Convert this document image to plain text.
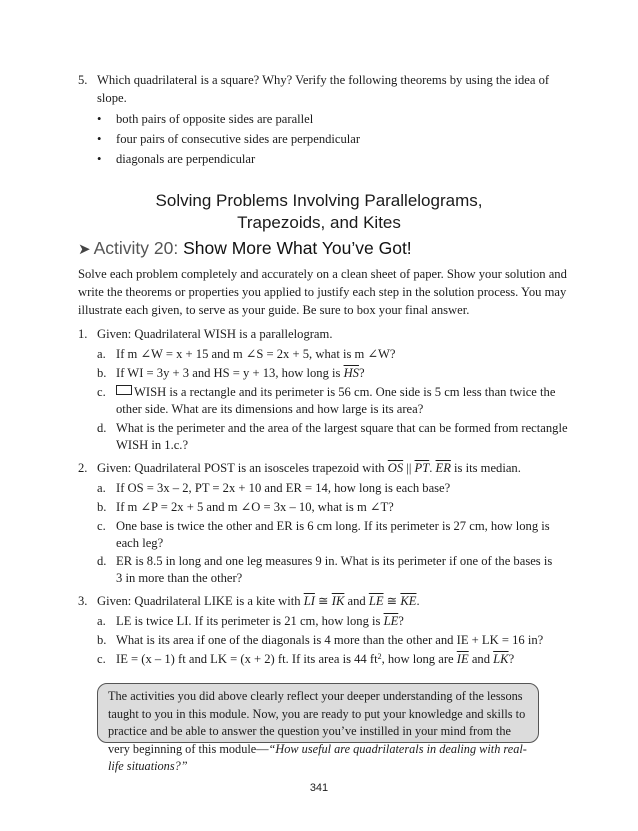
5. Which quadrilateral is a square? Why? Verify the following theorems by using the idea of
slope.
• both pairs of opposite sides are parallel
• four pairs of consecutive sides are perpendicular
• diagonals are perpendicular
Solving Problems Involving Parallelograms,
Trapezoids, and Kites
➤ Activity 20: Show More What You’ve Got!
Solve each problem completely and accurately on a clean sheet of paper. Show your solution and write the theorems or properties you applied to justify each step in the solution process. You may illustrate each given, to serve as your guide. Be sure to box your final answer.
1. Given: Quadrilateral WISH is a parallelogram.
a. If m ∠W = x + 15 and m ∠S = 2x + 5, what is m ∠W?
b. If WI = 3y + 3 and HS = y + 13, how long is $\overline{HS}$?
c.	WISH is a rectangle and its perimeter is 56 cm. One side is 5 cm less than twice the
other side. What are its dimensions and how large is its area?
d. What is the perimeter and the area of the largest square that can be formed from rectangle
WISH in 1.c.?
2. Given: Quadrilateral POST is an isosceles trapezoid with $\overline{OS}$ || $\overline{PT}$. $\overline{ER}$ is its median.
a. If OS = 3x – 2, PT = 2x + 10 and ER = 14, how long is each base?
b. If m ∠P = 2x + 5 and m ∠O = 3x – 10, what is m ∠T?
c. One base is twice the other and ER is 6 cm long. If its perimeter is 27 cm, how long is
each leg?
d. ER is 8.5 in long and one leg measures 9 in. What is its perimeter if one of the bases is
3 in more than the other?
3. Given: Quadrilateral LIKE is a kite with $\overline{LI}$ ≅ $\overline{IK}$ and $\overline{LE}$ ≅ $\overline{KE}$.
a. LE is twice LI. If its perimeter is 21 cm, how long is $\overline{LE}$?
b. What is its area if one of the diagonals is 4 more than the other and IE + LK = 16 in?
c. IE = (x – 1) ft and LK = (x + 2) ft. If its area is 44 $ft^2$, how long are $\overline{IE}$ and $\overline{LK}$?
The activities you did above clearly reflect your deeper understanding of the lessons taught to you in this module. Now, you are ready to put your knowledge and skills to practice and be able to answer the question you’ve instilled in your mind from the very beginning of this module—“How useful are quadrilaterals in dealing with real-life situations?”
341
